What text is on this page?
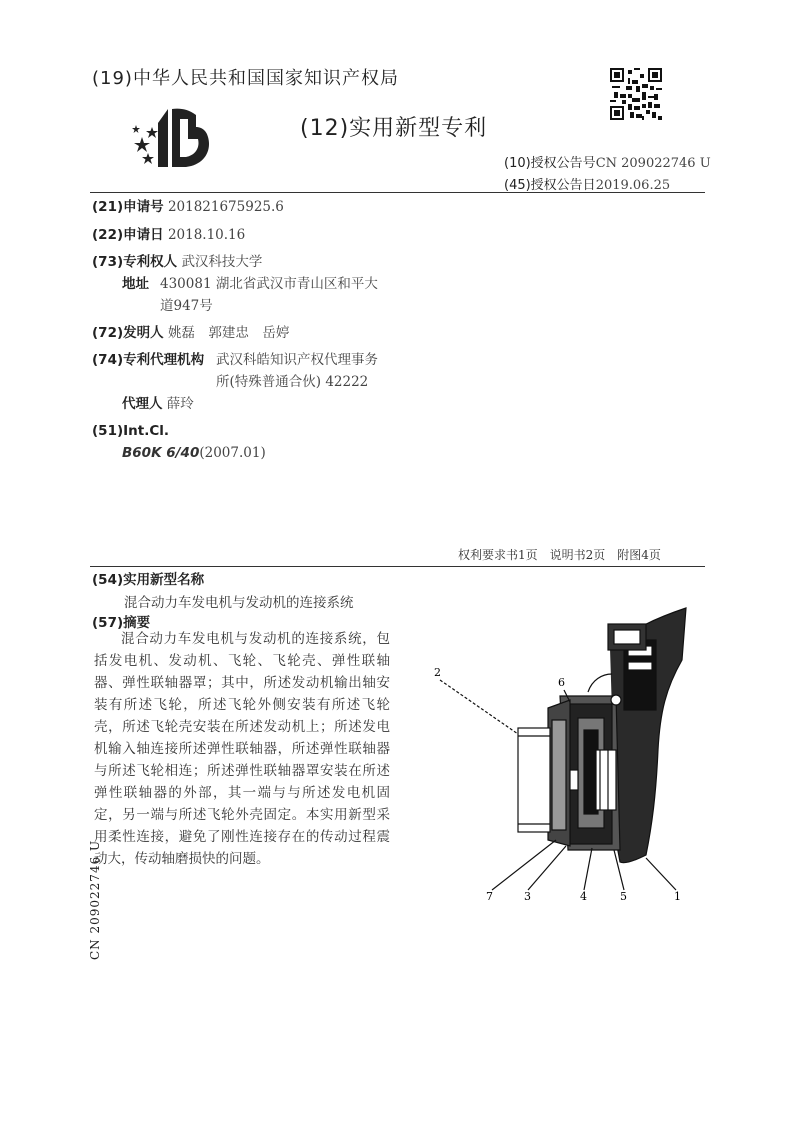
(19)中华人民共和国国家知识产权局
(12)实用新型专利
(10)授权公告号CN 209022746 U
(45)授权公告日2019.06.25
(21)申请号 201821675925.6
(22)申请日 2018.10.16
(73)专利权人 武汉科技大学
地址 430081 湖北省武汉市青山区和平大
道947号
(72)发明人 姚磊　郭建忠　岳婷
(74)专利代理机构 武汉科皓知识产权代理事务
所(特殊普通合伙) 42222
代理人 薛玲
(51)Int.Cl.
B60K 6/40(2007.01)
权利要求书1页　说明书2页　附图4页
(54)实用新型名称
混合动力车发电机与发动机的连接系统
(57)摘要

混合动力车发电机与发动机的连接系统，包括发电机、发动机、飞轮、飞轮壳、弹性联轴器、弹性联轴器罩；其中，所述发动机输出轴安装有所述飞轮，所述飞轮外侧安装有所述飞轮壳，所述飞轮壳安装在所述发动机上；所述发电机输入轴连接所述弹性联轴器，所述弹性联轴器与所述飞轮相连；所述弹性联轴器罩安装在所述弹性联轴器的外部，其一端与与所述发电机固定，另一端与所述飞轮外壳固定。本实用新型采用柔性连接，避免了刚性连接存在的传动过程震动大，传动轴磨损快的问题。

CN 209022746 U
2
6
7	3	4	5	1
